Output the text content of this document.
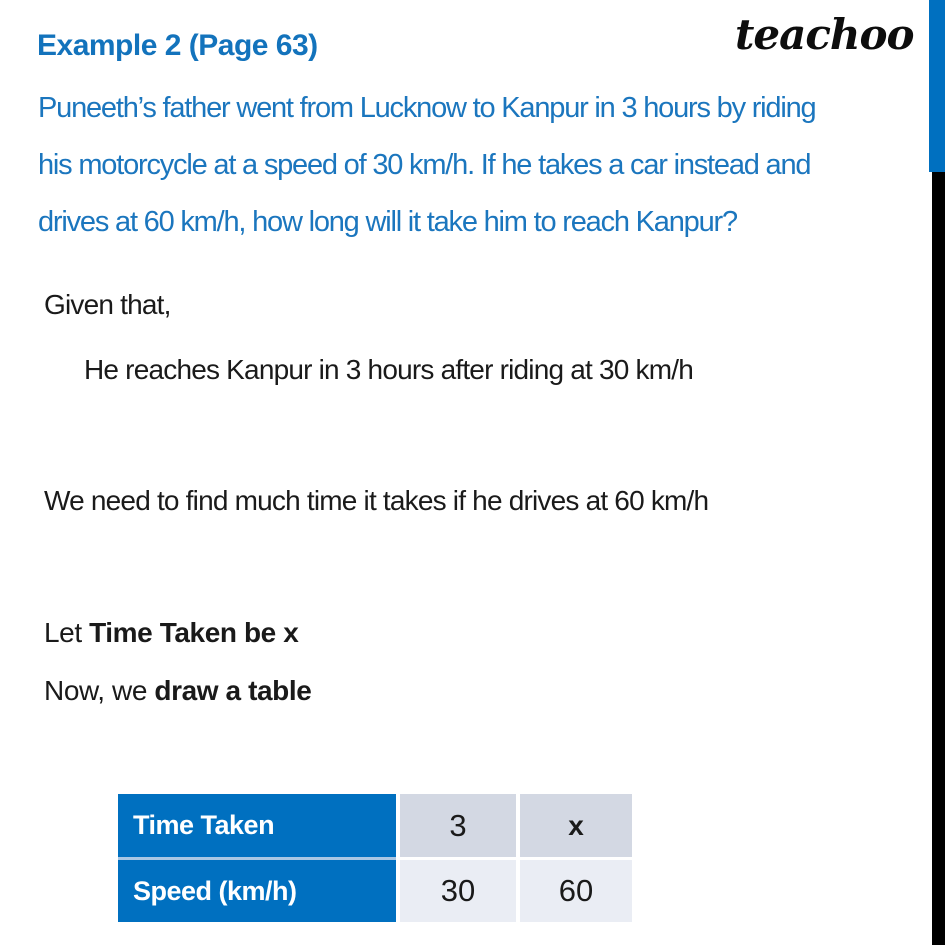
Example 2 (Page 63)	teachoo
Puneeth’s father went from Lucknow to Kanpur in 3 hours by riding
his motorcycle at a speed of 30 km/h. If he takes a car instead and
drives at 60 km/h, how long will it take him to reach Kanpur?
Given that,
He reaches Kanpur in 3 hours after riding at 30 km/h
We need to find much time it takes if he drives at 60 km/h
Let Time Taken be x
Now, we draw a table
Time Taken	3	x
Speed (km/h)	30	60
